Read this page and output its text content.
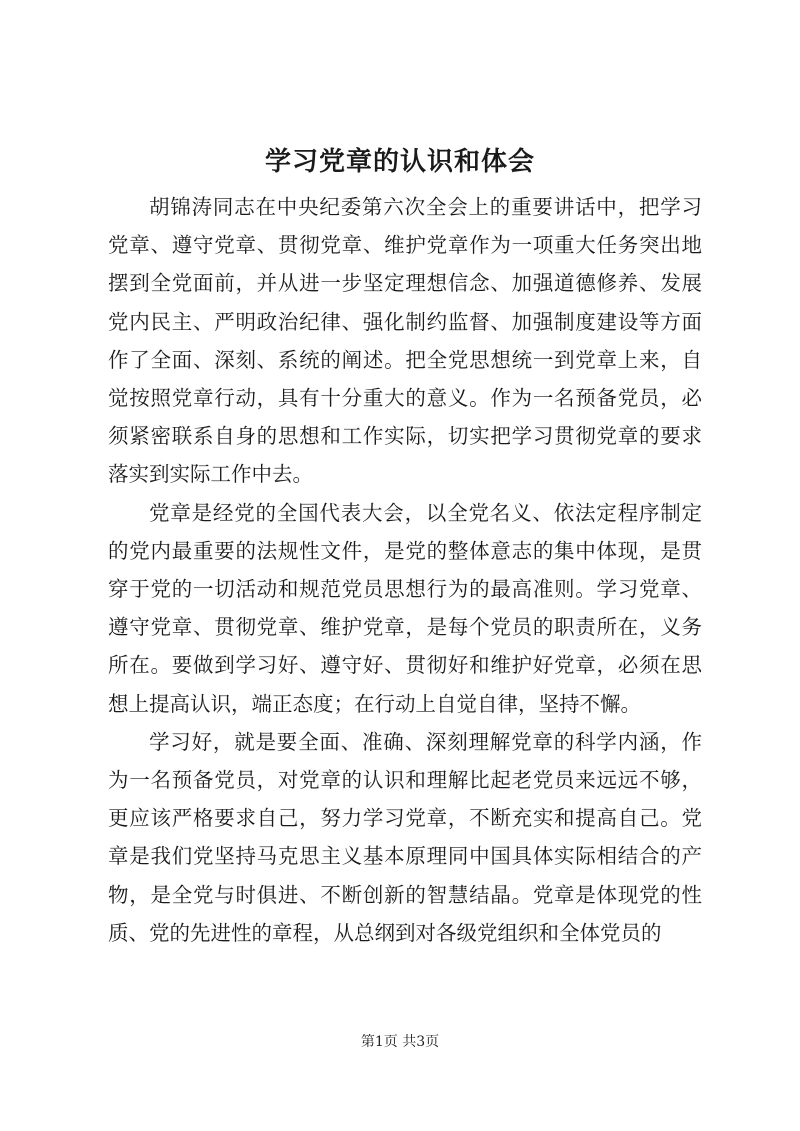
学习党章的认识和体会

胡锦涛同志在中央纪委第六次全会上的重要讲话中，把学习党章、遵守党章、贯彻党章、维护党章作为一项重大任务突出地摆到全党面前，并从进一步坚定理想信念、加强道德修养、发展党内民主、严明政治纪律、强化制约监督、加强制度建设等方面作了全面、深刻、系统的阐述。把全党思想统一到党章上来，自觉按照党章行动，具有十分重大的意义。作为一名预备党员，必须紧密联系自身的思想和工作实际，切实把学习贯彻党章的要求落实到实际工作中去。

党章是经党的全国代表大会，以全党名义、依法定程序制定的党内最重要的法规性文件，是党的整体意志的集中体现，是贯穿于党的一切活动和规范党员思想行为的最高准则。学习党章、遵守党章、贯彻党章、维护党章，是每个党员的职责所在，义务所在。要做到学习好、遵守好、贯彻好和维护好党章，必须在思想上提高认识，端正态度；在行动上自觉自律，坚持不懈。

学习好，就是要全面、准确、深刻理解党章的科学内涵，作为一名预备党员，对党章的认识和理解比起老党员来远远不够，更应该严格要求自己，努力学习党章，不断充实和提高自己。党章是我们党坚持马克思主义基本原理同中国具体实际相结合的产物，是全党与时俱进、不断创新的智慧结晶。党章是体现党的性质、党的先进性的章程，从总纲到对各级党组织和全体党员的

第1页 共3页
